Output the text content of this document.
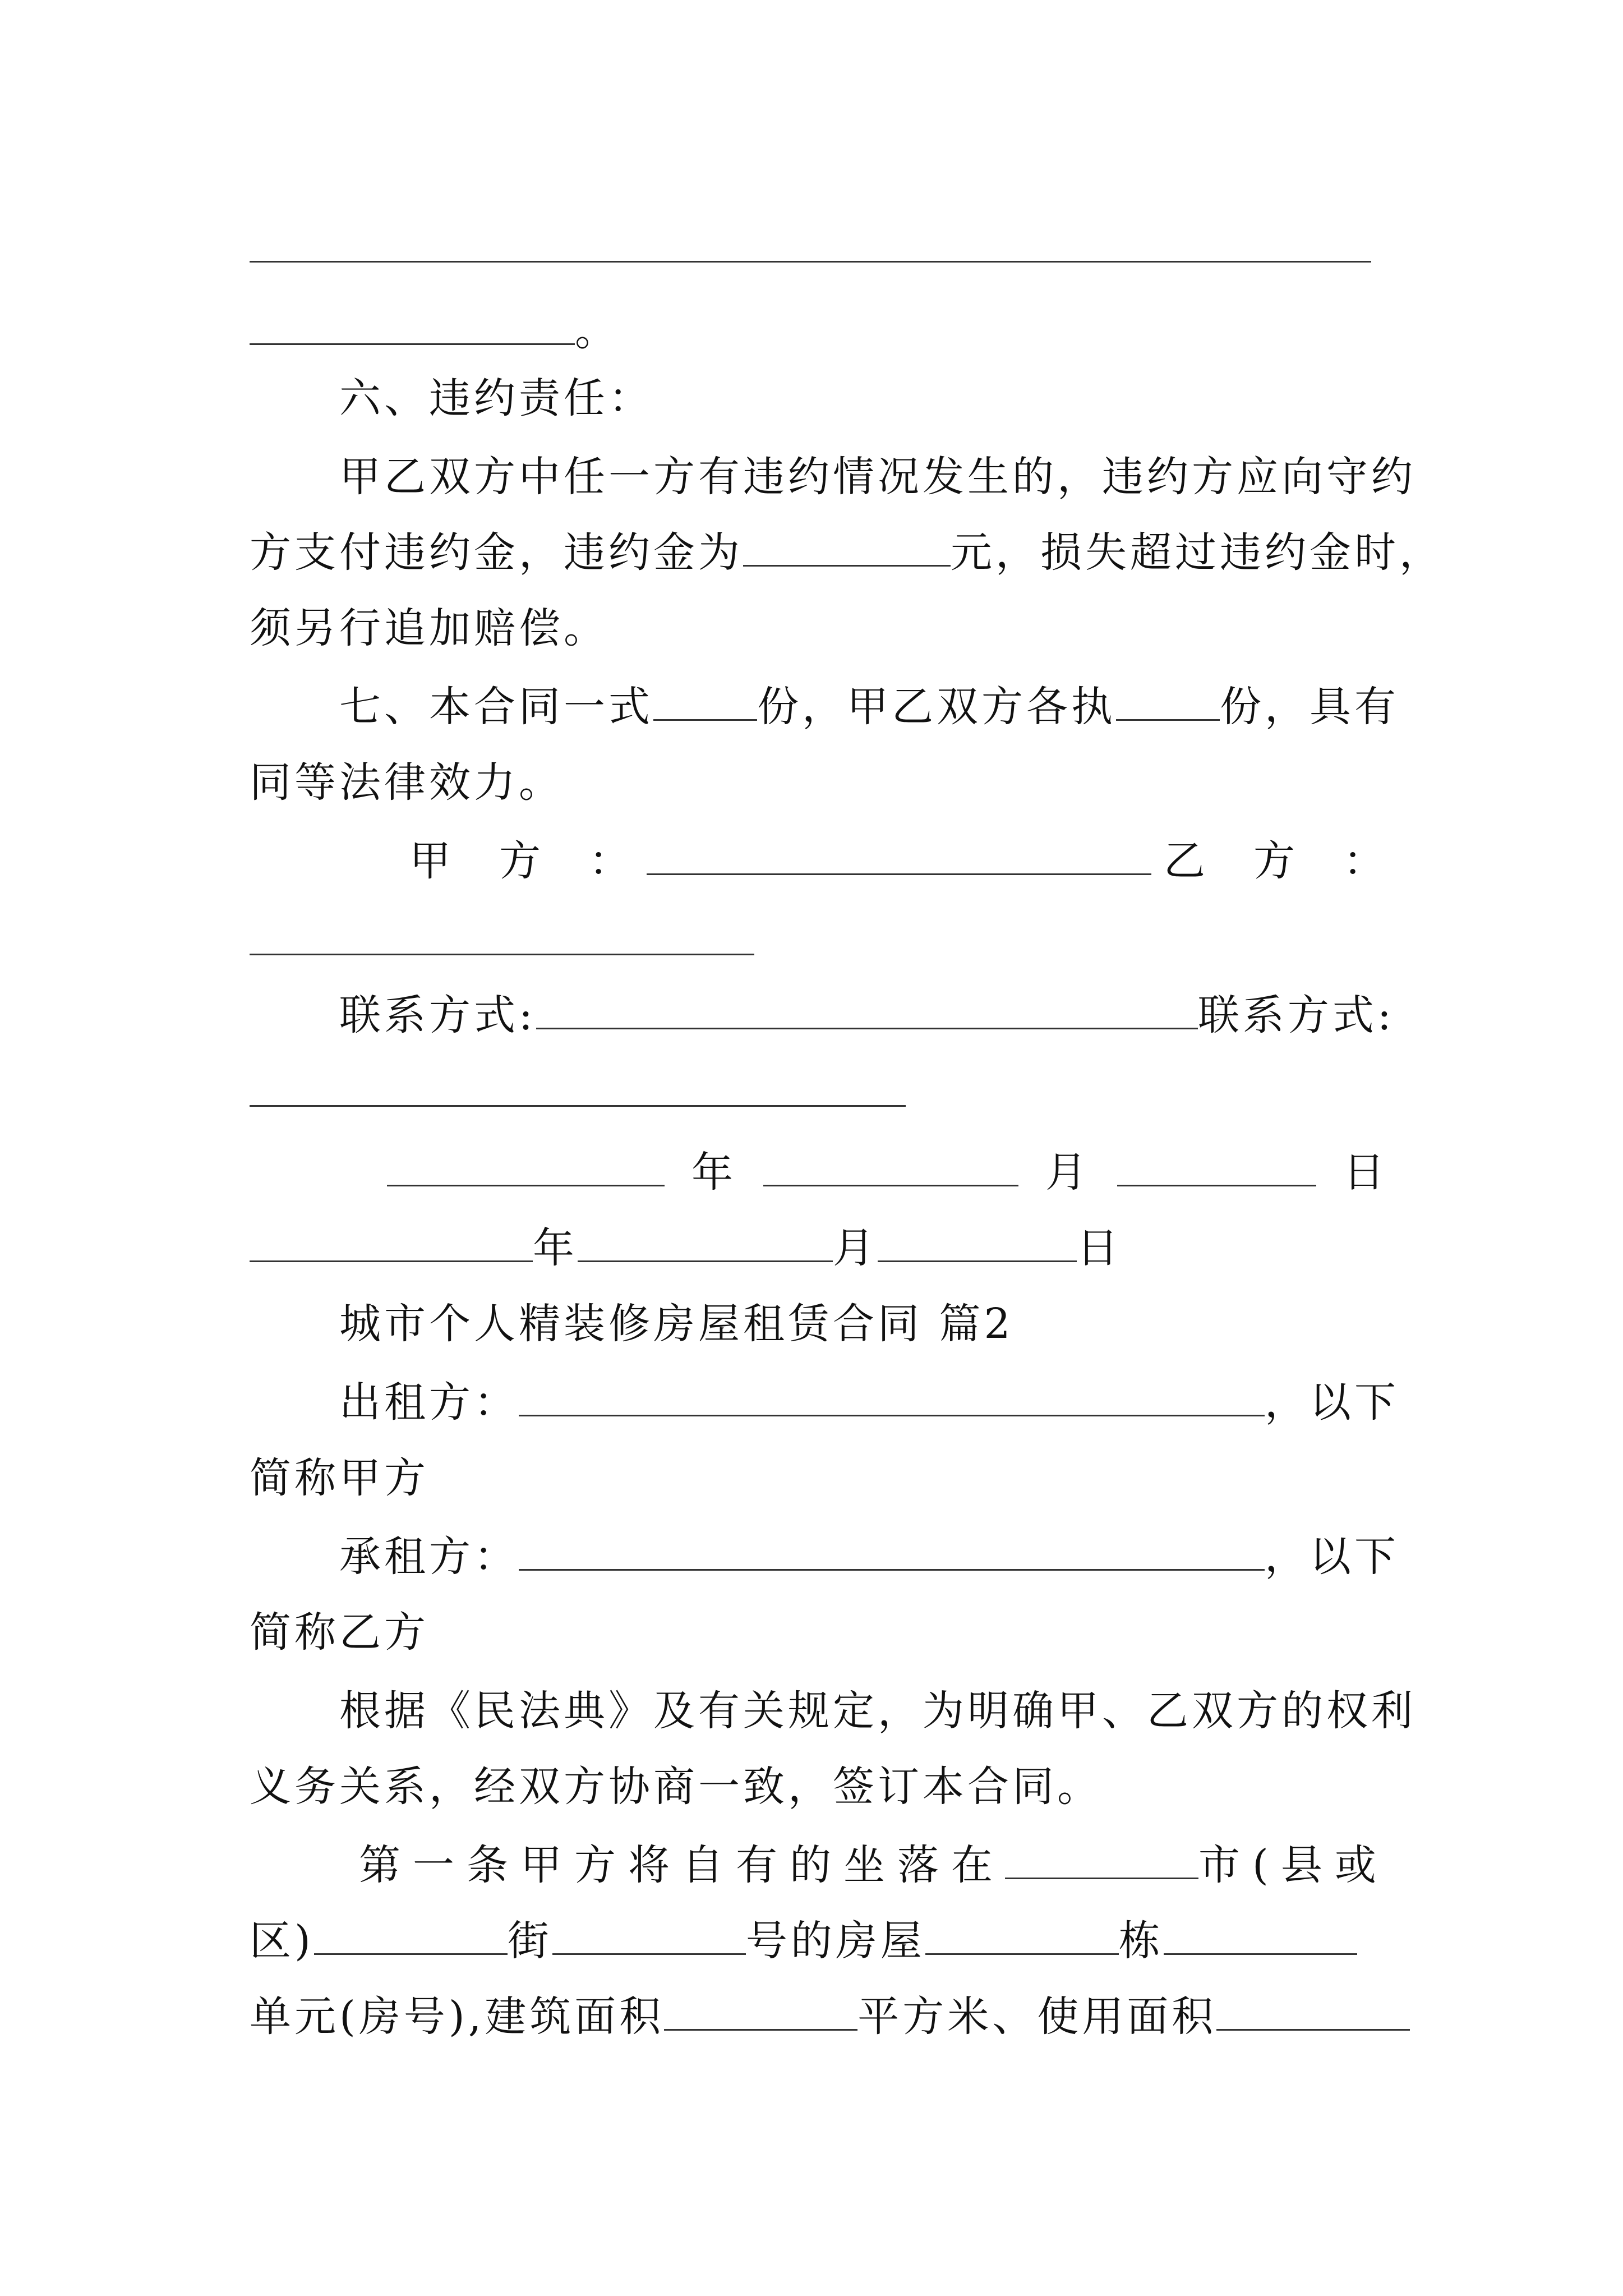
。
六、违约责任：
甲乙双方中任一方有违约情况发生的，违约方应向守约
方支付违约金，违约金为	元，损失超过违约金时，
须另行追加赔偿。
七、本合同一式	份，甲乙双方各执	份，具有
同等法律效力。
甲　方　：	乙　方　：
联系方式:	联系方式:
年	月	日
年	月	日
城市个人精装修房屋租赁合同 篇2
出租方：	，以下
简称甲方
承租方：	，以下
简称乙方
根据《民法典》及有关规定，为明确甲、乙双方的权利
义务关系，经双方协商一致，签订本合同。
第一条甲方将自有的坐落在	市(县或
区)	街	号的房屋	栋
单元(房号),建筑面积	平方米、使用面积
